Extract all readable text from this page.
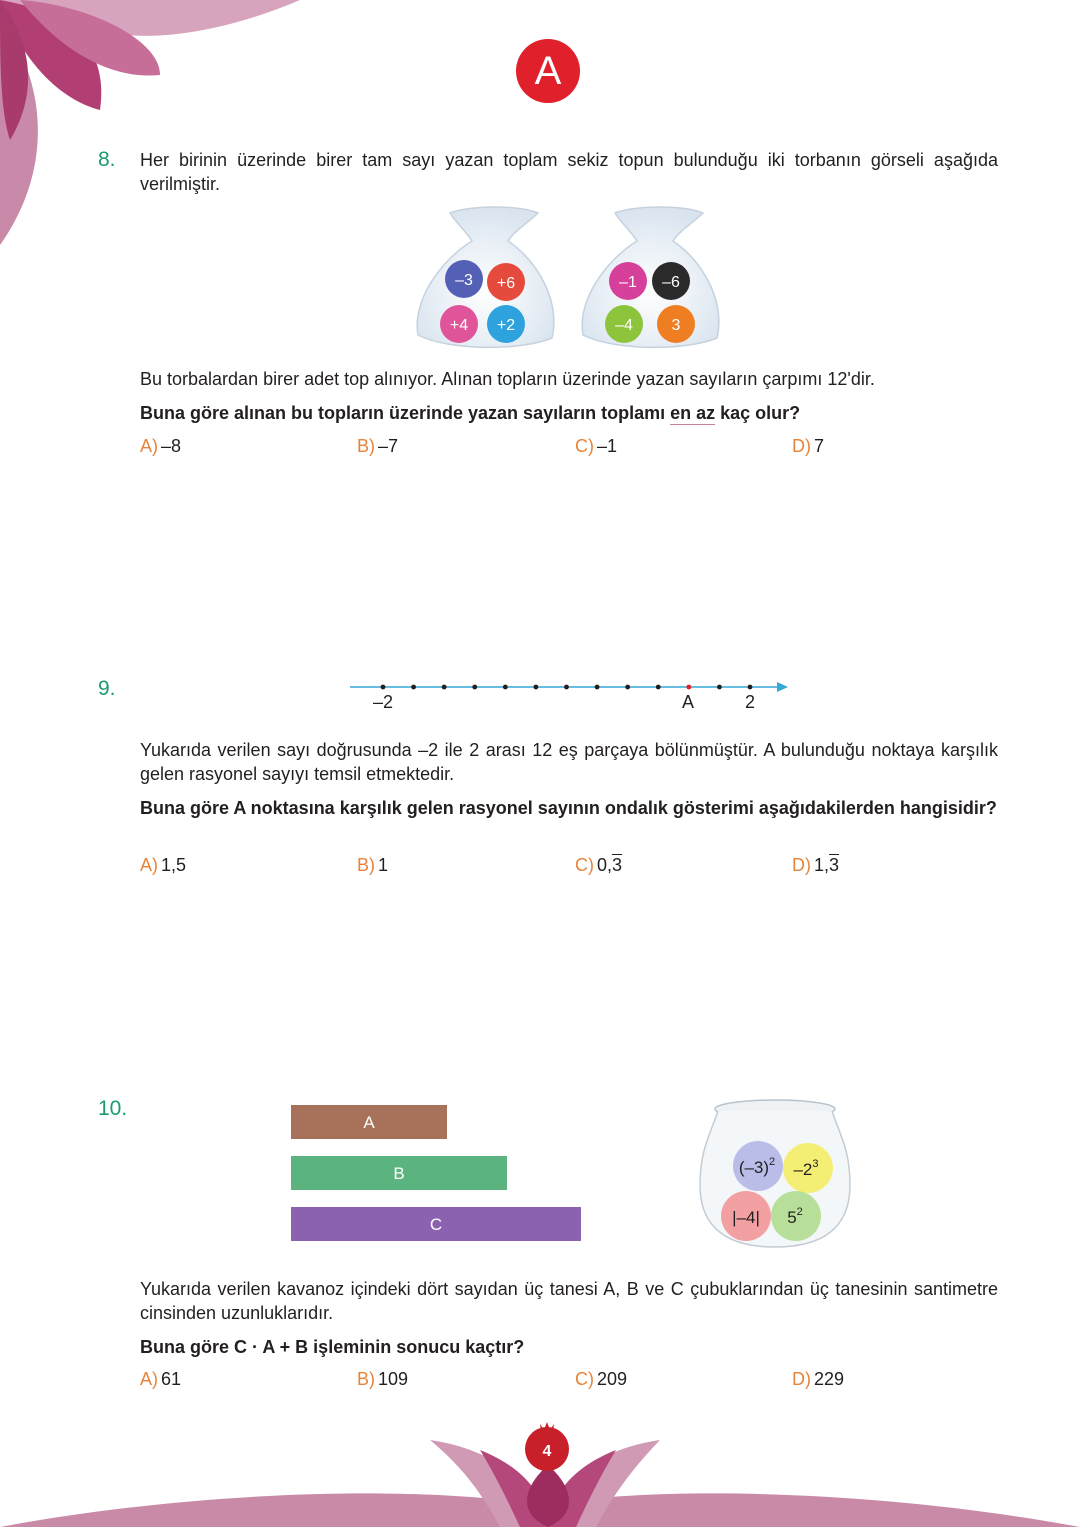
A
8. Her birinin üzerinde birer tam sayı yazan toplam sekiz topun bulunduğu iki torbanın görseli aşağıda verilmiştir.
–3 +6
+4 +2
–1 –6
–4 3
Bu torbalardan birer adet top alınıyor. Alınan topların üzerinde yazan sayıların çarpımı 12'dir.
Buna göre alınan bu topların üzerinde yazan sayıların toplamı en az kaç olur?
A) –8	B) –7	C) –1	D) 7
9.
–2	A	2
Yukarıda verilen sayı doğrusunda –2 ile 2 arası 12 eş parçaya bölünmüştür. A bulunduğu noktaya karşılık gelen rasyonel sayıyı temsil etmektedir.
Buna göre A noktasına karşılık gelen rasyonel sayının ondalık gösterimi aşağıdakilerden hangisidir?
A) 1,5	B) 1	C) 0,3	D) 1,3
10.
A
B
C
$(-3)^2$ $-2^3$
|–4| $5^2$
Yukarıda verilen kavanoz içindeki dört sayıdan üç tanesi A, B ve C çubuklarından üç tanesinin santimetre cinsinden uzunluklarıdır.
Buna göre C · A + B işleminin sonucu kaçtır?
A) 61	B) 109	C) 209	D) 229
4
